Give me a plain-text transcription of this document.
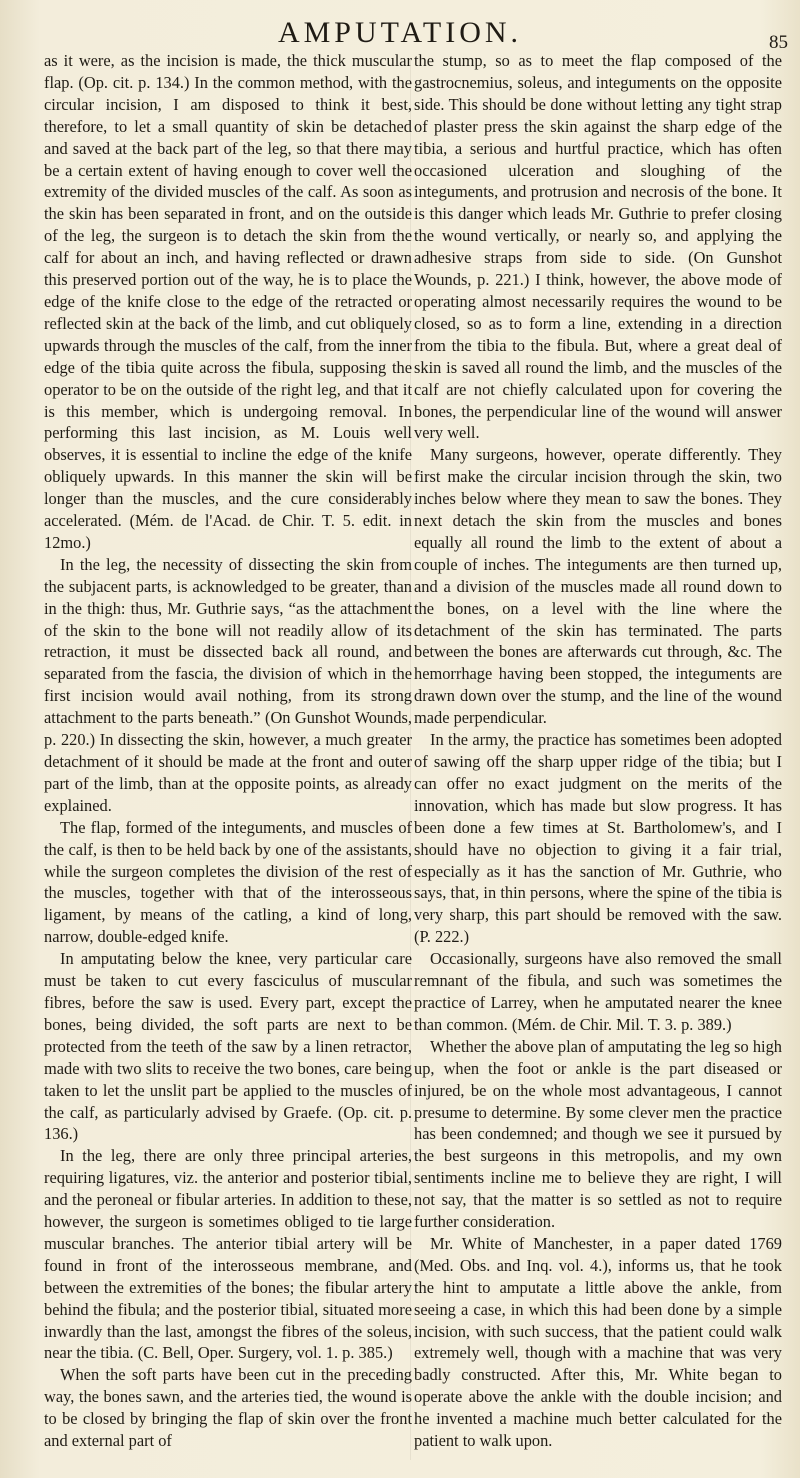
AMPUTATION.	85

as it were, as the incision is made, the thick muscular flap. (Op. cit. p. 134.) In the common method, with the circular incision, I am disposed to think it best, therefore, to let a small quantity of skin be detached and saved at the back part of the leg, so that there may be a certain extent of having enough to cover well the extremity of the divided muscles of the calf. As soon as the skin has been separated in front, and on the outside of the leg, the surgeon is to detach the skin from the calf for about an inch, and having reflected or drawn this preserved portion out of the way, he is to place the edge of the knife close to the edge of the retracted or reflected skin at the back of the limb, and cut obliquely upwards through the muscles of the calf, from the inner edge of the tibia quite across the fibula, supposing the operator to be on the outside of the right leg, and that it is this member, which is undergoing removal. In performing this last incision, as M. Louis well observes, it is essential to incline the edge of the knife obliquely upwards. In this manner the skin will be longer than the muscles, and the cure considerably accelerated. (Mém. de l'Acad. de Chir. T. 5. edit. in 12mo.)

In the leg, the necessity of dissecting the skin from the subjacent parts, is acknowledged to be greater, than in the thigh: thus, Mr. Guthrie says, “as the attachment of the skin to the bone will not readily allow of its retraction, it must be dissected back all round, and separated from the fascia, the division of which in the first incision would avail nothing, from its strong attachment to the parts beneath.” (On Gunshot Wounds, p. 220.) In dissecting the skin, however, a much greater detachment of it should be made at the front and outer part of the limb, than at the opposite points, as already explained.

The flap, formed of the integuments, and muscles of the calf, is then to be held back by one of the assistants, while the surgeon completes the division of the rest of the muscles, together with that of the interosseous ligament, by means of the catling, a kind of long, narrow, double-edged knife.

In amputating below the knee, very particular care must be taken to cut every fasciculus of muscular fibres, before the saw is used. Every part, except the bones, being divided, the soft parts are next to be protected from the teeth of the saw by a linen retractor, made with two slits to receive the two bones, care being taken to let the unslit part be applied to the muscles of the calf, as particularly advised by Graefe. (Op. cit. p. 136.)

In the leg, there are only three principal arteries, requiring ligatures, viz. the anterior and posterior tibial, and the peroneal or fibular arteries. In addition to these, however, the surgeon is sometimes obliged to tie large muscular branches. The anterior tibial artery will be found in front of the interosseous membrane, and between the extremities of the bones; the fibular artery behind the fibula; and the posterior tibial, situated more inwardly than the last, amongst the fibres of the soleus, near the tibia. (C. Bell, Oper. Surgery, vol. 1. p. 385.)

When the soft parts have been cut in the preceding way, the bones sawn, and the arteries tied, the wound is to be closed by bringing the flap of skin over the front and external part of

the stump, so as to meet the flap composed of the gastrocnemius, soleus, and integuments on the opposite side. This should be done without letting any tight strap of plaster press the skin against the sharp edge of the tibia, a serious and hurtful practice, which has often occasioned ulceration and sloughing of the integuments, and protrusion and necrosis of the bone. It is this danger which leads Mr. Guthrie to prefer closing the wound vertically, or nearly so, and applying the adhesive straps from side to side. (On Gunshot Wounds, p. 221.) I think, however, the above mode of operating almost necessarily requires the wound to be closed, so as to form a line, extending in a direction from the tibia to the fibula. But, where a great deal of skin is saved all round the limb, and the muscles of the calf are not chiefly calculated upon for covering the bones, the perpendicular line of the wound will answer very well.

Many surgeons, however, operate differently. They first make the circular incision through the skin, two inches below where they mean to saw the bones. They next detach the skin from the muscles and bones equally all round the limb to the extent of about a couple of inches. The integuments are then turned up, and a division of the muscles made all round down to the bones, on a level with the line where the detachment of the skin has terminated. The parts between the bones are afterwards cut through, &c. The hemorrhage having been stopped, the integuments are drawn down over the stump, and the line of the wound made perpendicular.

In the army, the practice has sometimes been adopted of sawing off the sharp upper ridge of the tibia; but I can offer no exact judgment on the merits of the innovation, which has made but slow progress. It has been done a few times at St. Bartholomew's, and I should have no objection to giving it a fair trial, especially as it has the sanction of Mr. Guthrie, who says, that, in thin persons, where the spine of the tibia is very sharp, this part should be removed with the saw. (P. 222.)

Occasionally, surgeons have also removed the small remnant of the fibula, and such was sometimes the practice of Larrey, when he amputated nearer the knee than common. (Mém. de Chir. Mil. T. 3. p. 389.)

Whether the above plan of amputating the leg so high up, when the foot or ankle is the part diseased or injured, be on the whole most advantageous, I cannot presume to determine. By some clever men the practice has been condemned; and though we see it pursued by the best surgeons in this metropolis, and my own sentiments incline me to believe they are right, I will not say, that the matter is so settled as not to require further consideration.

Mr. White of Manchester, in a paper dated 1769 (Med. Obs. and Inq. vol. 4.), informs us, that he took the hint to amputate a little above the ankle, from seeing a case, in which this had been done by a simple incision, with such success, that the patient could walk extremely well, though with a machine that was very badly constructed. After this, Mr. White began to operate above the ankle with the double incision; and he invented a machine much better calculated for the patient to walk upon.
